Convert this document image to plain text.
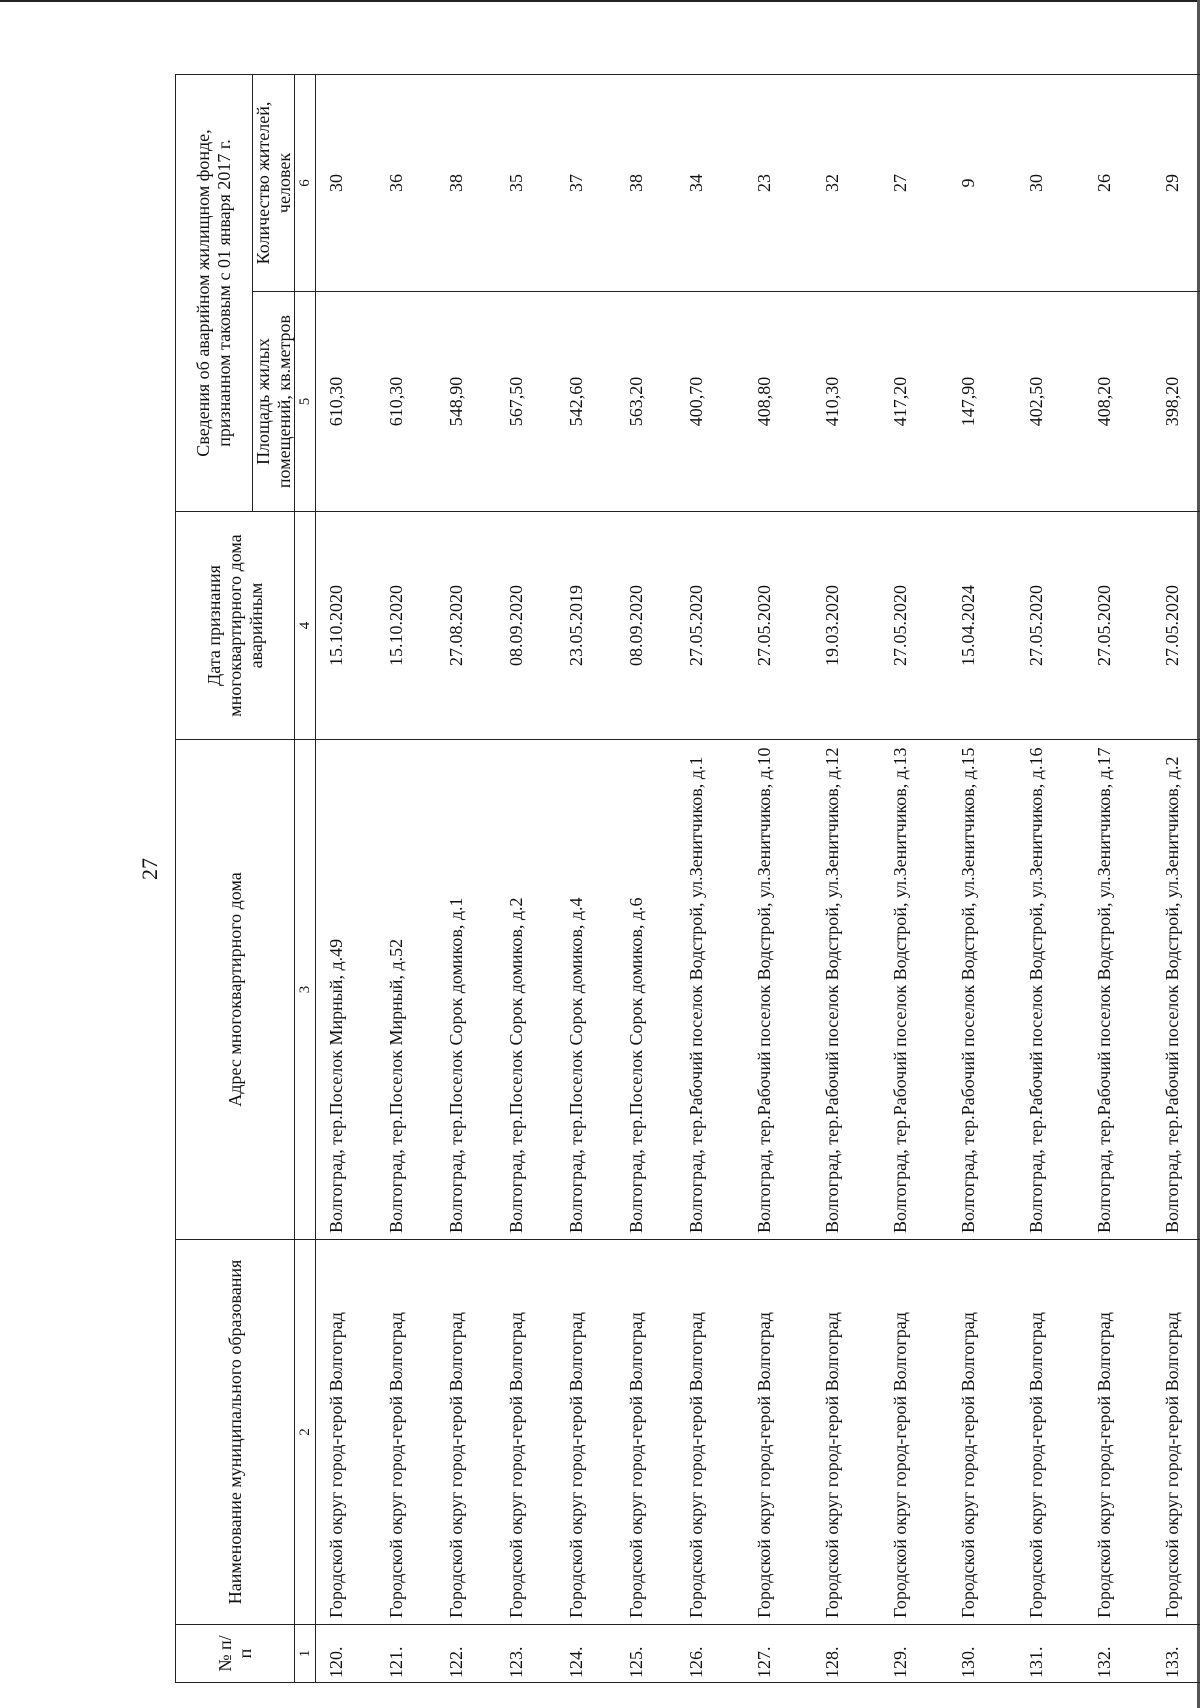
27
№ п/п	Наименование муниципального образования	Адрес многоквартирного дома	Дата признания многоквартирного дома аварийным	Сведения об аварийном жилищном фонде, признанном таковым с 01 января 2017 г.	
				Площадь жилых помещений, кв.метров	Количество жителей, человек
1	2	3	4	5	6
120.	Городской округ город-герой Волгоград	Волгоград, тер.Поселок Мирный, д.49	15.10.2020	610,30	30
121.	Городской округ город-герой Волгоград	Волгоград, тер.Поселок Мирный, д.52	15.10.2020	610,30	36
122.	Городской округ город-герой Волгоград	Волгоград, тер.Поселок Сорок домиков, д.1	27.08.2020	548,90	38
123.	Городской округ город-герой Волгоград	Волгоград, тер.Поселок Сорок домиков, д.2	08.09.2020	567,50	35
124.	Городской округ город-герой Волгоград	Волгоград, тер.Поселок Сорок домиков, д.4	23.05.2019	542,60	37
125.	Городской округ город-герой Волгоград	Волгоград, тер.Поселок Сорок домиков, д.6	08.09.2020	563,20	38
126.	Городской округ город-герой Волгоград	Волгоград, тер.Рабочий поселок Водстрой, ул.Зенитчиков, д.1	27.05.2020	400,70	34
127.	Городской округ город-герой Волгоград	Волгоград, тер.Рабочий поселок Водстрой, ул.Зенитчиков, д.10	27.05.2020	408,80	23
128.	Городской округ город-герой Волгоград	Волгоград, тер.Рабочий поселок Водстрой, ул.Зенитчиков, д.12	19.03.2020	410,30	32
129.	Городской округ город-герой Волгоград	Волгоград, тер.Рабочий поселок Водстрой, ул.Зенитчиков, д.13	27.05.2020	417,20	27
130.	Городской округ город-герой Волгоград	Волгоград, тер.Рабочий поселок Водстрой, ул.Зенитчиков, д.15	15.04.2024	147,90	9
131.	Городской округ город-герой Волгоград	Волгоград, тер.Рабочий поселок Водстрой, ул.Зенитчиков, д.16	27.05.2020	402,50	30
132.	Городской округ город-герой Волгоград	Волгоград, тер.Рабочий поселок Водстрой, ул.Зенитчиков, д.17	27.05.2020	408,20	26
133.	Городской округ город-герой Волгоград	Волгоград, тер.Рабочий поселок Водстрой, ул.Зенитчиков, д.2	27.05.2020	398,20	29
